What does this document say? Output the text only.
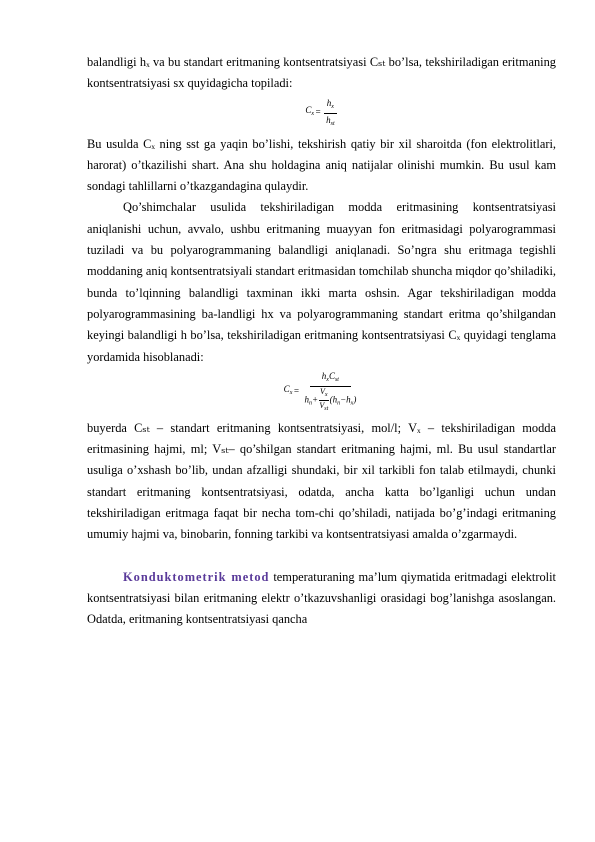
balandligi hₓ va bu standart eritmaning kontsentratsiyasi Cₛₜ bo’lsa, tekshiriladigan eritmaning kontsentratsiyasi sx quyidagicha topiladi:

$C_x = \frac{h_x}{h_{st}}$

Bu usulda Cₓ ning sst ga yaqin bo’lishi, tekshirish qatiy bir xil sharoitda (fon elektrolitlari, harorat) o’tkazilishi shart. Ana shu holdagina aniq natijalar olinishi mumkin. Bu usul kam sondagi tahlillarni o’tkazgandagina qulaydir.

Qo’shimchalar usulida tekshiriladigan modda eritmasining kontsentratsiyasi aniqlanishi uchun, avvalo, ushbu eritmaning muayyan fon eritmasidagi polyarogrammasi tuziladi va bu polyarogrammaning balandligi aniqlanadi. So’ngra shu eritmaga tegishli moddaning aniq kontsentratsiyali standart eritmasidan tomchilab shuncha miqdor qo’shiladiki, bunda to’lqinning balandligi taxminan ikki marta oshsin. Agar tekshiriladigan modda polyarogrammasining ba-landligi hx va polyarogrammaning standart eritma qo’shilgandan keyingi balandligi h bo’lsa, tekshiriladigan eritmaning kontsentratsiyasi Cₓ quyidagi tenglama yordamida hisoblanadi:

$C_x = h_xC_{st}$
$h_n+$
$V_x$
$V_{st}$
$(h_n-h_x)$

buyerda Cₛₜ – standart eritmaning kontsentratsiyasi, mol/l; Vₓ – tekshiriladigan modda eritmasining hajmi, ml; Vₛₜ– qo’shilgan standart eritmaning hajmi, ml. Bu usul standartlar usuliga o’xshash bo’lib, undan afzalligi shundaki, bir xil tarkibli fon talab etilmaydi, chunki standart eritmaning kontsentratsiyasi, odatda, ancha katta bo’lganligi uchun undan tekshiriladigan eritmaga faqat bir necha tom-chi qo’shiladi, natijada bo’g’indagi eritmaning umumiy hajmi va, binobarin, fonning tarkibi va kontsentratsiyasi amalda o’zgarmaydi.

Konduktometrik metod temperaturaning ma’lum qiymatida eritmadagi elektrolit kontsentratsiyasi bilan eritmaning elektr o’tkazuvshanligi orasidagi bog’lanishga asoslangan. Odatda, eritmaning kontsentratsiyasi qancha
